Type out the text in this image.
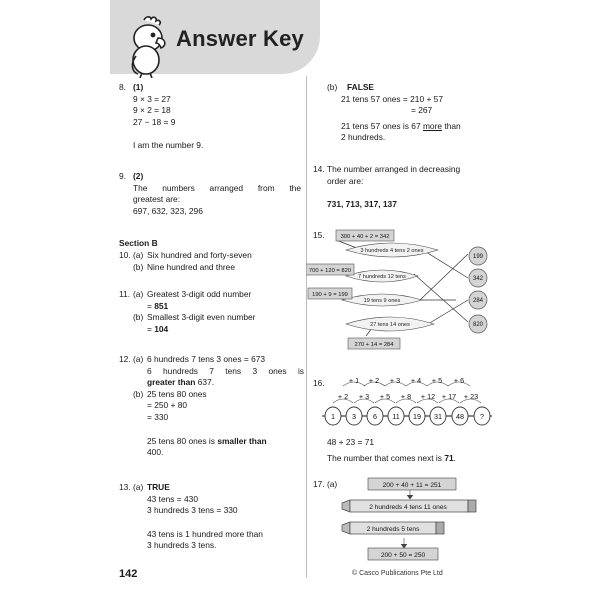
Answer Key
8. (1)
9 × 3 = 27
9 × 2 = 18
27 − 18 = 9
I am the number 9.
9. (2)
The numbers arranged from the
greatest are:
697, 632, 323, 296
Section B
10. (a) Six hundred and forty-seven
(b) Nine hundred and three
11. (a) Greatest 3-digit odd number
= 851
(b) Smallest 3-digit even number
= 104
12. (a) 6 hundreds 7 tens 3 ones = 673
6 hundreds 7 tens 3 ones is
greater than 637.
(b) 25 tens 80 ones
= 250 + 80
= 330
25 tens 80 ones is smaller than
400.
13. (a) TRUE
43 tens = 430
3 hundreds 3 tens = 330
43 tens is 1 hundred more than
3 hundreds 3 tens.
(b)	FALSE
21 tens 57 ones = 210 + 57
= 267
21 tens 57 ones is 67 more than
2 hundreds.
14. The number arranged in decreasing
order are:
731, 713, 317, 137
15.
3 hundreds 4 tens 2 ones
7 hundreds 12 tens
19 tens 9 ones
27 tens 14 ones
300 + 40 + 2 = 342
700 + 120 = 820
190 + 9 = 199
270 + 14 = 284
199
342
284
820
16.	+ 1 + 2 + 3 + 4 + 5 + 6
+ 2 + 3 + 5 + 8 + 12 + 17 + 23
1 3 6 11 19 31 48 ?
48 + 23 = 71
The number that comes next is 71.
17. (a)	200 + 40 + 11 = 251
2 hundreds 4 tens 11 ones
2 hundreds 5 tens
200 + 50 = 250
142	© Casco Publications Pte Ltd
